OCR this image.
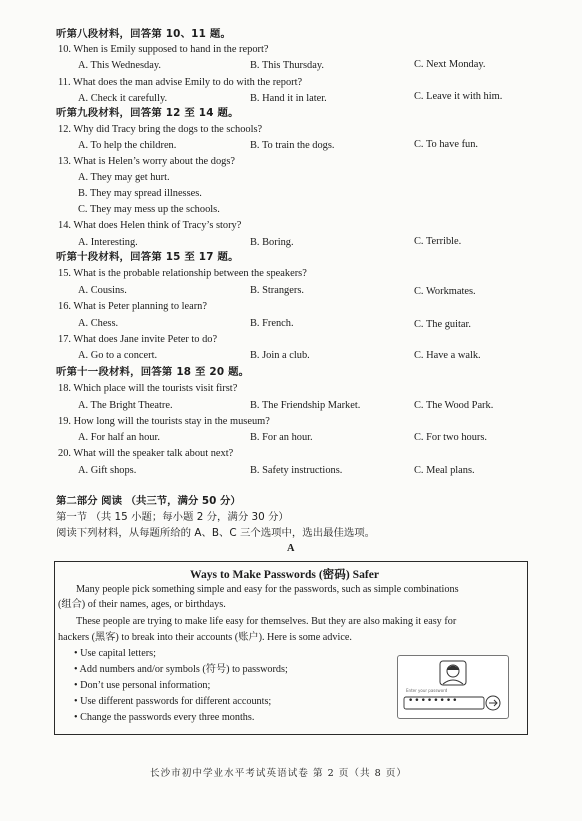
听第八段材料，回答第 10、11 题。
10. When is Emily supposed to hand in the report?
A. This Wednesday.	B. This Thursday.	C. Next Monday.
11. What does the man advise Emily to do with the report?
A. Check it carefully.	B. Hand it in later.	C. Leave it with him.
听第九段材料，回答第 12 至 14 题。
12. Why did Tracy bring the dogs to the schools?
A. To help the children.	B. To train the dogs.	C. To have fun.
13. What is Helen’s worry about the dogs?
A. They may get hurt.
B. They may spread illnesses.
C. They may mess up the schools.
14. What does Helen think of Tracy’s story?
A. Interesting.	B. Boring.	C. Terrible.
听第十段材料，回答第 15 至 17 题。
15. What is the probable relationship between the speakers?
A. Cousins.	B. Strangers.	C. Workmates.
16. What is Peter planning to learn?
A. Chess.	B. French.	C. The guitar.
17. What does Jane invite Peter to do?
A. Go to a concert.	B. Join a club.	C. Have a walk.
听第十一段材料，回答第 18 至 20 题。
18. Which place will the tourists visit first?
A. The Bright Theatre.	B. The Friendship Market.	C. The Wood Park.
19. How long will the tourists stay in the museum?
A. For half an hour.	B. For an hour.	C. For two hours.
20. What will the speaker talk about next?
A. Gift shops.	B. Safety instructions.	C. Meal plans.
第二部分 阅读 （共三节，满分 50 分）
第一节 （共 15 小题；每小题 2 分，满分 30 分）
阅读下列材料，从每题所给的 A、B、C 三个选项中，选出最佳选项。
A
Ways to Make Passwords (密码) Safer
Many people pick something simple and easy for the passwords, such as simple combinations
(组合) of their names, ages, or birthdays.
These people are trying to make life easy for themselves. But they are also making it easy for
hackers (黑客) to break into their accounts (账户). Here is some advice.
• Use capital letters;
• Add numbers and/or symbols (符号) to passwords;
• Don’t use personal information;
• Use different passwords for different accounts;
• Change the passwords every three months.
Enter your password
••••••••
长沙市初中学业水平考试英语试卷 第 2 页（共 8 页）
